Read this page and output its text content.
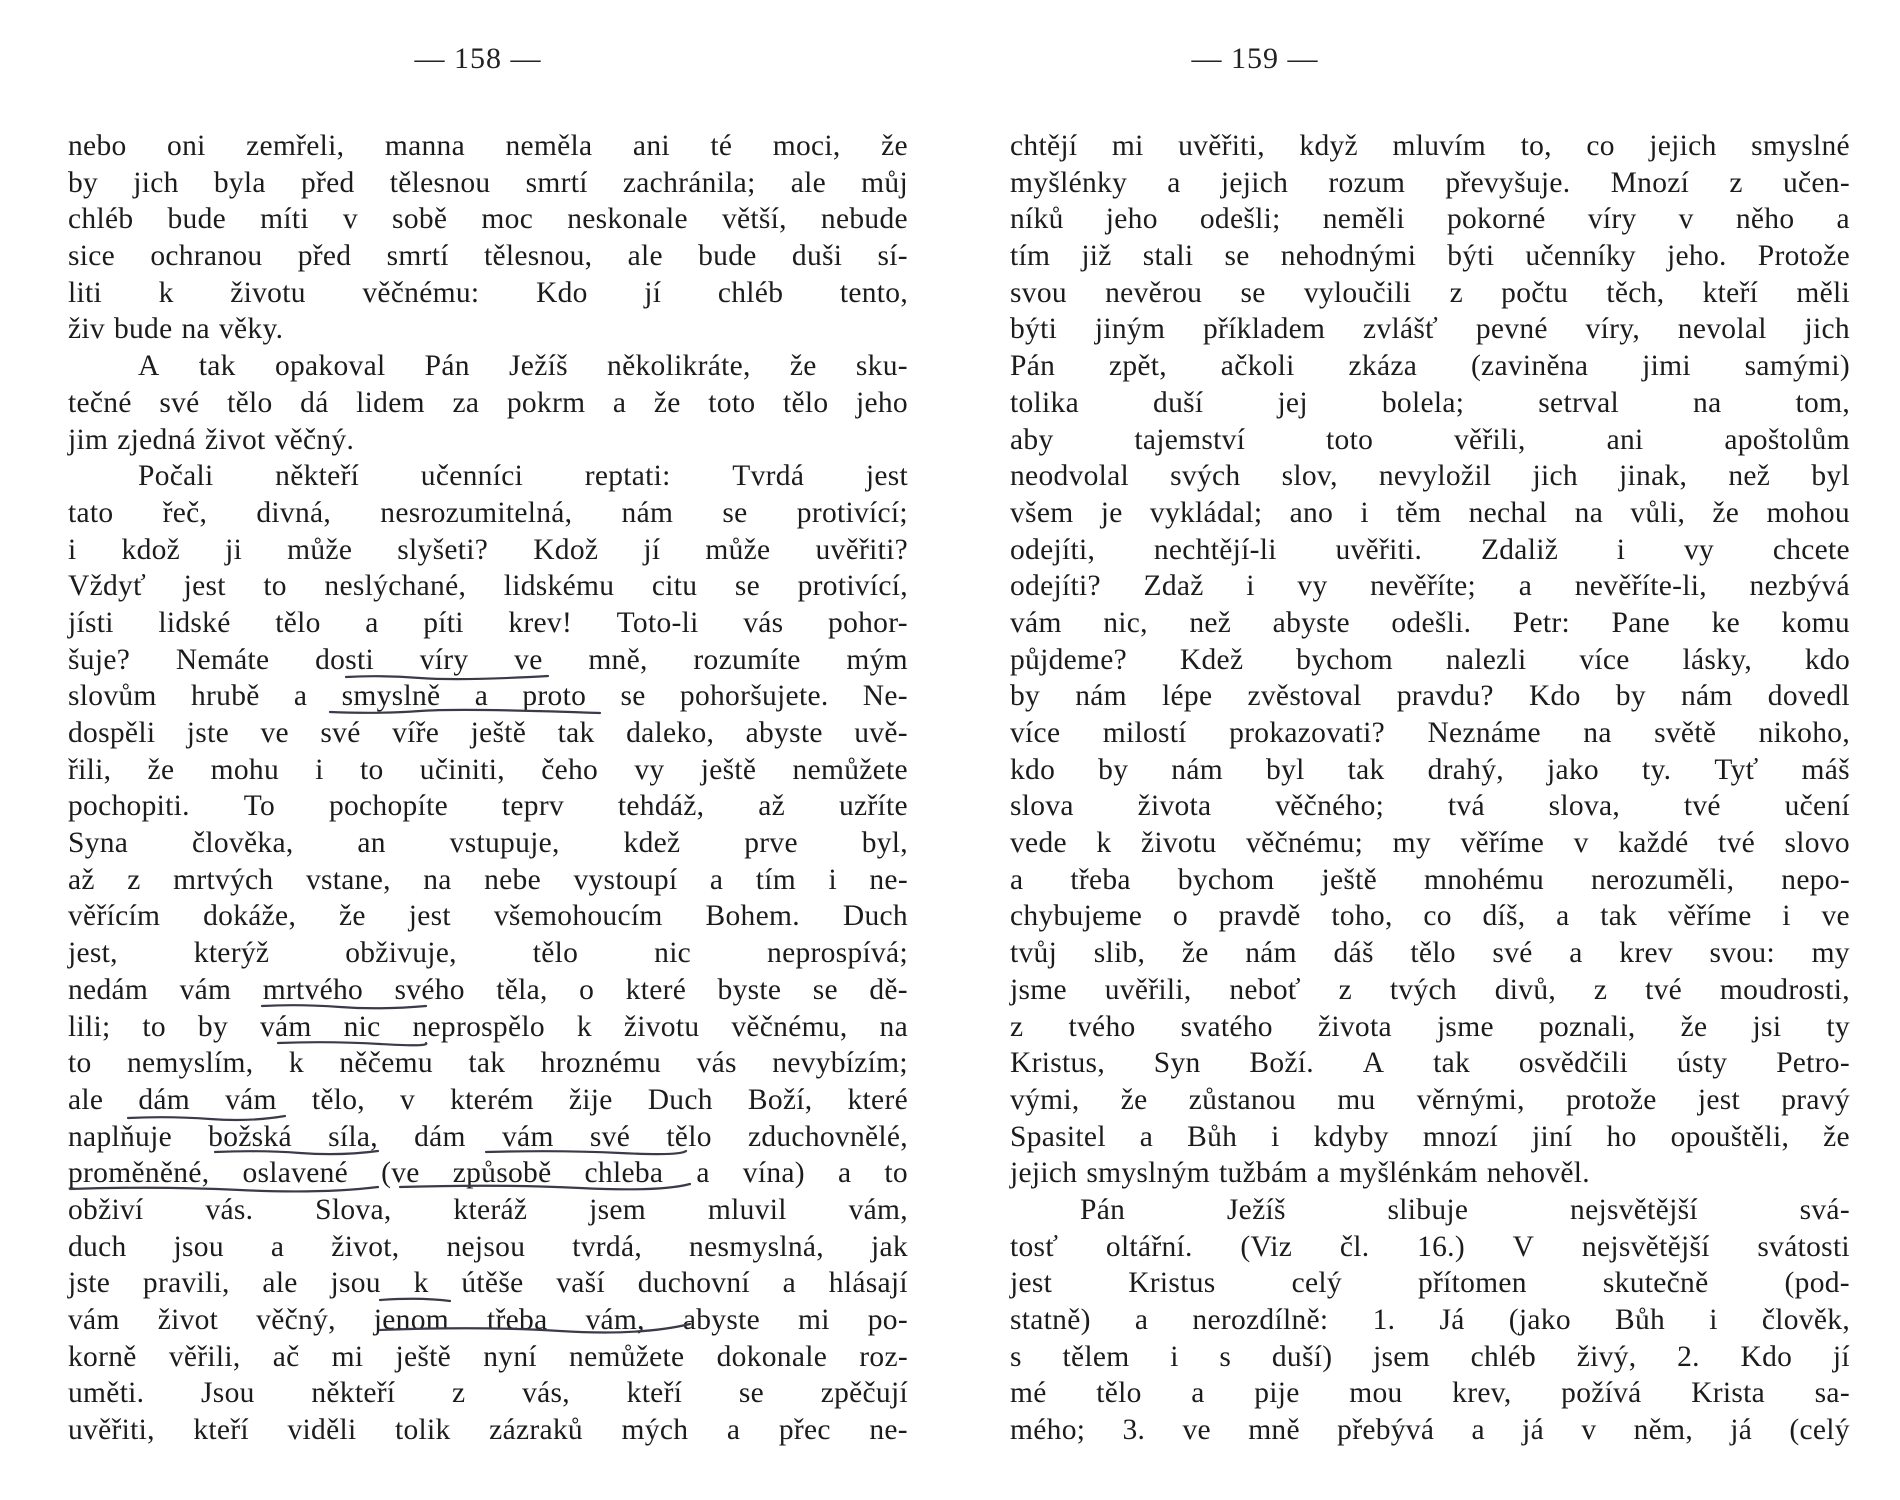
— 158 —
nebo oni zemřeli, manna neměla ani té moci, že
by jich byla před tělesnou smrtí zachránila; ale můj
chléb bude míti v sobě moc neskonale větší, nebude
sice ochranou před smrtí tělesnou, ale bude duši sí-
liti k životu věčnému: Kdo jí chléb tento,
živ bude na věky.
A tak opakoval Pán Ježíš několikráte, že sku-
tečné své tělo dá lidem za pokrm a že toto tělo jeho
jim zjedná život věčný.
Počali někteří učenníci reptati: Tvrdá jest
tato řeč, divná, nesrozumitelná, nám se protivící;
i kdož ji může slyšeti? Kdož jí může uvěřiti?
Vždyť jest to neslýchané, lidskému citu se protivící,
jísti lidské tělo a píti krev! Toto-li vás pohor-
šuje? Nemáte dosti víry ve mně, rozumíte mým
slovům hrubě a smyslně a proto se pohoršujete. Ne-
dospěli jste ve své víře ještě tak daleko, abyste uvě-
řili, že mohu i to učiniti, čeho vy ještě nemůžete
pochopiti. To pochopíte teprv tehdáž, až uzříte
Syna člověka, an vstupuje, kdež prve byl,
až z mrtvých vstane, na nebe vystoupí a tím i ne-
věřícím dokáže, že jest všemohoucím Bohem. Duch
jest,	kterýž	obživuje,	tělo	nic	neprospívá;
nedám vám mrtvého svého těla, o které byste se dě-
lili; to by vám nic neprospělo k životu věčnému, na
to nemyslím, k něčemu tak hroznému vás nevybízím;
ale dám vám tělo, v kterém žije Duch Boží, které
naplňuje božská síla, dám vám své tělo zduchovnělé,
proměněné, oslavené (ve způsobě chleba a vína) a to
obživí vás. Slova, kteráž jsem mluvil vám,
duch jsou a život, nejsou tvrdá, nesmyslná, jak
jste pravili, ale jsou k útěše vaší duchovní a hlásají
vám život věčný, jenom třeba vám, abyste mi po-
korně věřili, ač mi ještě nyní nemůžete dokonale roz-
uměti. Jsou někteří z vás, kteří se zpěčují
uvěřiti, kteří viděli tolik zázraků mých a přec ne-
— 159 —
chtějí mi uvěřiti, když mluvím to, co jejich smyslné
myšlénky a jejich rozum převyšuje. Mnozí z učen-
níků jeho odešli; neměli pokorné víry v něho a
tím již stali se nehodnými býti učenníky jeho. Protože
svou nevěrou se vyloučili z počtu těch, kteří měli
býti jiným příkladem zvlášť pevné víry, nevolal jich
Pán zpět, ačkoli zkáza (zaviněna jimi samými)
tolika	duší	jej	bolela;	setrval	na	tom,
aby	tajemství	toto	věřili,	ani	apoštolům
neodvolal svých slov, nevyložil jich jinak, než byl
všem je vykládal; ano i těm nechal na vůli, že mohou
odejíti, nechtějí-li uvěřiti. Zdaliž i vy chcete
odejíti? Zdaž i vy nevěříte; a nevěříte-li, nezbývá
vám nic, než abyste odešli. Petr: Pane ke komu
půjdeme? Kdež bychom nalezli více lásky, kdo
by nám lépe zvěstoval pravdu? Kdo by nám dovedl
více milostí prokazovati? Neznáme na světě nikoho,
kdo by nám byl tak drahý, jako ty. Tyť máš
slova života věčného; tvá slova, tvé učení
vede k životu věčnému; my věříme v každé tvé slovo
a třeba bychom ještě mnohému nerozuměli, nepo-
chybujeme o pravdě toho, co díš, a tak věříme i ve
tvůj slib, že nám dáš tělo své a krev svou: my
jsme uvěřili, neboť z tvých divů, z tvé moudrosti,
z tvého svatého života jsme poznali, že jsi ty
Kristus, Syn Boží. A tak osvědčili ústy Petro-
vými, že zůstanou mu věrnými, protože jest pravý
Spasitel a Bůh i kdyby mnozí jiní ho opouštěli, že
jejich smyslným tužbám a myšlénkám nehověl.
Pán	Ježíš	slibuje	nejsvětější	svá-
tosť oltářní. (Viz čl. 16.) V nejsvětější svátosti
jest	Kristus	celý	přítomen	skutečně	(pod-
statně) a nerozdílně: 1. Já (jako Bůh i člověk,
s tělem i s duší) jsem chléb živý, 2. Kdo jí
mé tělo a pije mou krev, požívá Krista sa-
mého; 3. ve mně přebývá a já v něm, já (celý
